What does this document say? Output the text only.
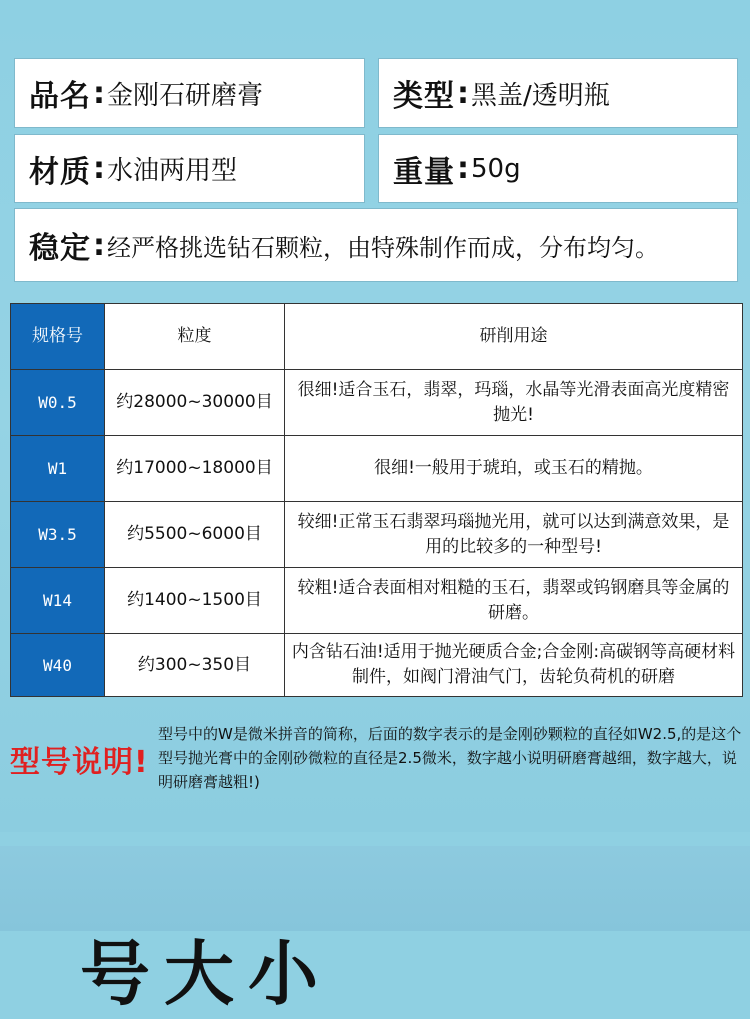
品名 : 金刚石研磨膏	类型 : 黑盖/透明瓶
材质 : 水油两用型	重量 : 50g
稳定 : 经严格挑选钻石颗粒，由特殊制作而成，分布均匀。
规格号	粒度	研削用途
W0.5	约28000~30000目	很细!适合玉石，翡翠，玛瑙，水晶等光滑表面高光度精密抛光!

W1	约17000~18000目	很细!一般用于琥珀，或玉石的精抛。

W3.5	约5500~6000目	较细!正常玉石翡翠玛瑙抛光用，就可以达到满意效果，是用的比较多的一种型号!

W14	约1400~1500目	较粗!适合表面相对粗糙的玉石，翡翠或钨钢磨具等金属的研磨。

W40	约300~350目	内含钻石油!适用于抛光硬质合金;合金刚:高碳钢等高硬材料制件，如阀门滑油气门，齿轮负荷机的研磨
型号说明!
型号中的W是微米拼音的简称，后面的数字表示的是金刚砂颗粒的直径如W2.5,的是这个型号抛光膏中的金刚砂微粒的直径是2.5微米，数字越小说明研磨膏越细，数字越大，说明研磨膏越粗!)
号大小
